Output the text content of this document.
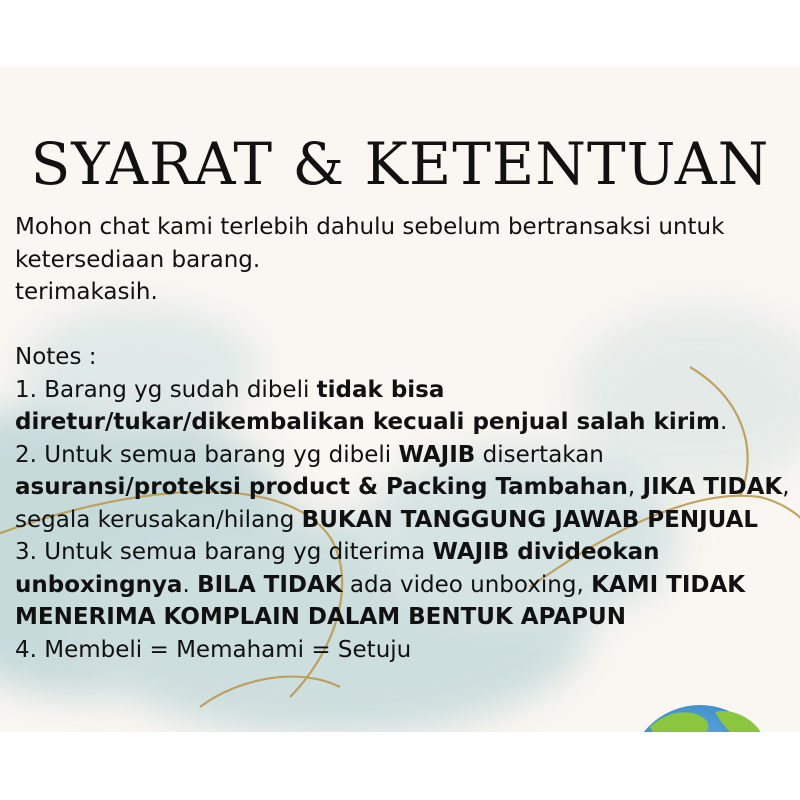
SYARAT & KETENTUAN

Mohon chat kami terlebih dahulu sebelum bertransaksi untuk ketersediaan barang.

terimakasih.

Notes :

1. Barang yg sudah dibeli tidak bisa diretur/tukar/dikembalikan kecuali penjual salah kirim.

2. Untuk semua barang yg dibeli WAJIB disertakan asuransi/proteksi product & Packing Tambahan, JIKA TIDAK, segala kerusakan/hilang BUKAN TANGGUNG JAWAB PENJUAL

3. Untuk semua barang yg diterima WAJIB divideokan unboxingnya. BILA TIDAK ada video unboxing, KAMI TIDAK MENERIMA KOMPLAIN DALAM BENTUK APAPUN

4. Membeli = Memahami = Setuju
